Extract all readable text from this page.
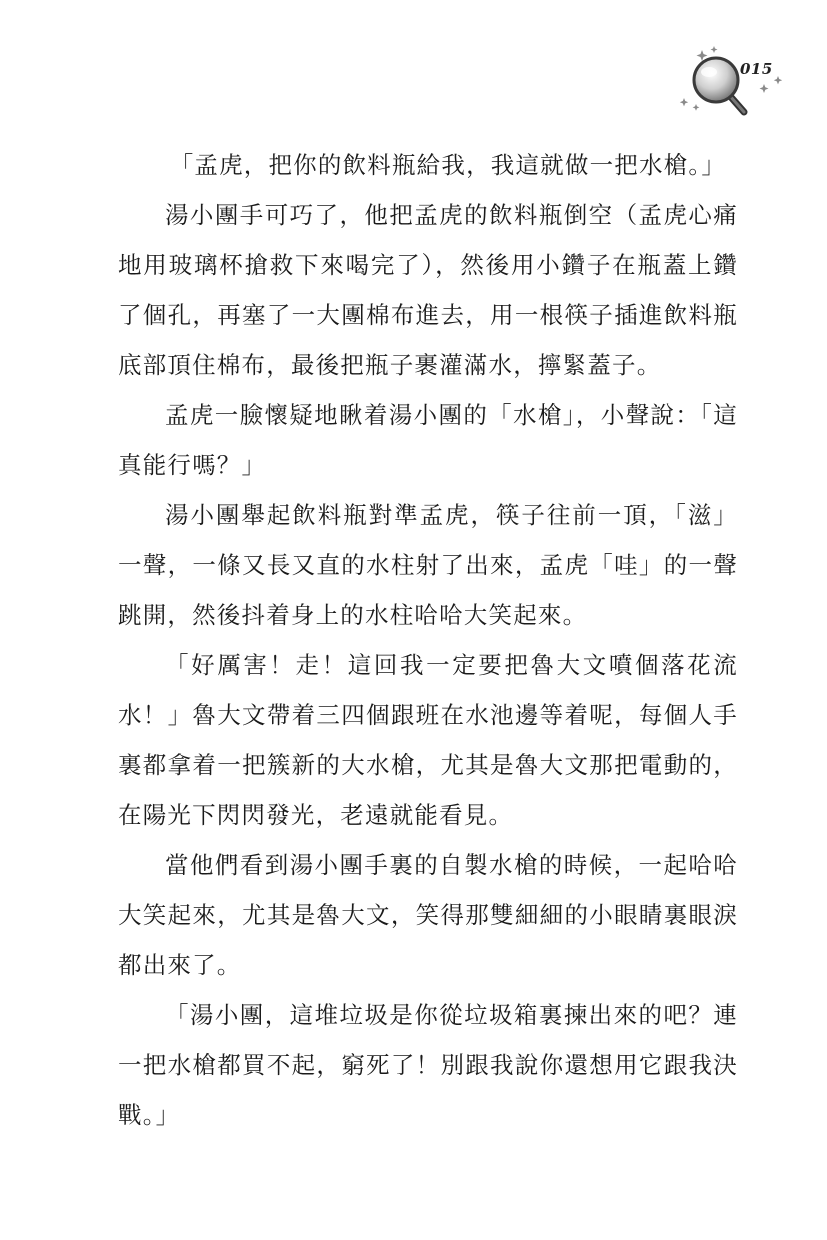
015

「孟虎，把你的飲料瓶給我，我這就做一把水槍。」

湯小團手可巧了，他把孟虎的飲料瓶倒空（孟虎心痛地用玻璃杯搶救下來喝完了），然後用小鑽子在瓶蓋上鑽了個孔，再塞了一大團棉布進去，用一根筷子插進飲料瓶底部頂住棉布，最後把瓶子裹灌滿水，擰緊蓋子。

孟虎一臉懷疑地瞅着湯小團的「水槍」，小聲說：「這真能行嗎？」

湯小團舉起飲料瓶對準孟虎，筷子往前一頂，「滋」一聲，一條又長又直的水柱射了出來，孟虎「哇」的一聲跳開，然後抖着身上的水柱哈哈大笑起來。

「好厲害！走！這回我一定要把魯大文噴個落花流水！」魯大文帶着三四個跟班在水池邊等着呢，每個人手裏都拿着一把簇新的大水槍，尤其是魯大文那把電動的，在陽光下閃閃發光，老遠就能看見。

當他們看到湯小團手裏的自製水槍的時候，一起哈哈大笑起來，尤其是魯大文，笑得那雙細細的小眼睛裏眼淚都出來了。

「湯小團，這堆垃圾是你從垃圾箱裏揀出來的吧？連一把水槍都買不起，窮死了！別跟我說你還想用它跟我決戰。」
